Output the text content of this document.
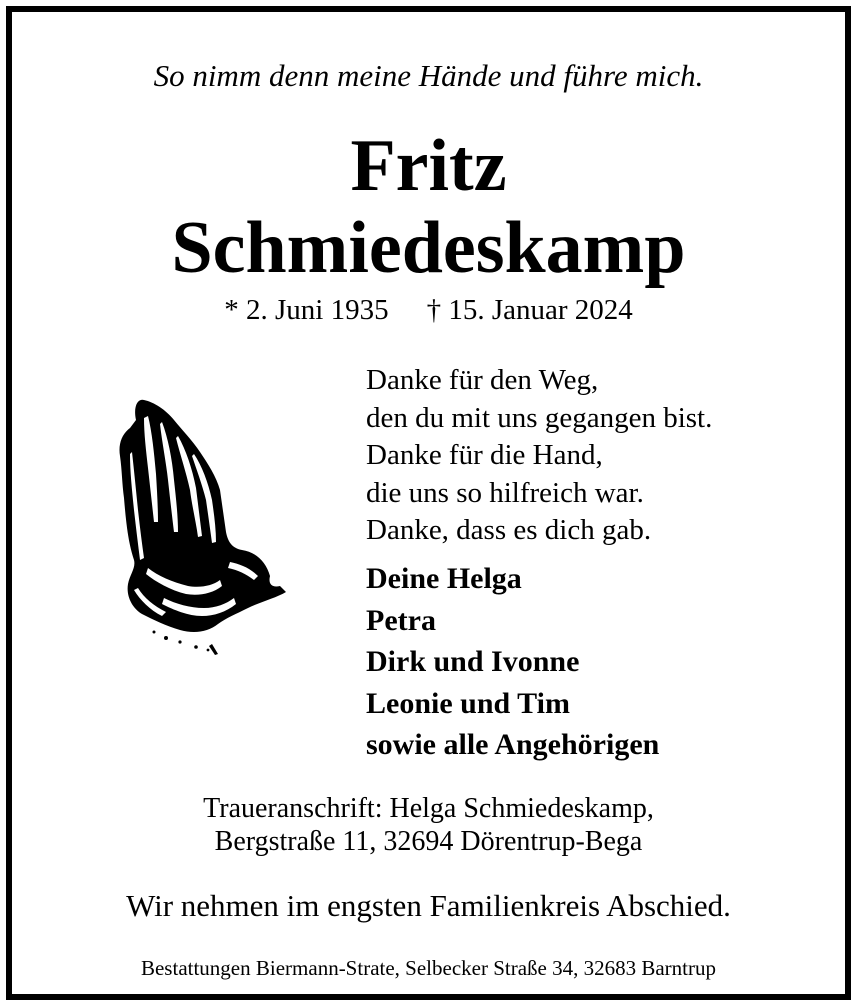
So nimm denn meine Hände und führe mich.
Fritz
Schmiedeskamp
* 2. Juni 1935 † 15. Januar 2024
Danke für den Weg,
den du mit uns gegangen bist.
Danke für die Hand,
die uns so hilfreich war.
Danke, dass es dich gab.
Deine Helga
Petra
Dirk und Ivonne
Leonie und Tim
sowie alle Angehörigen
Traueranschrift: Helga Schmiedeskamp,
Bergstraße 11, 32694 Dörentrup-Bega
Wir nehmen im engsten Familienkreis Abschied.
Bestattungen Biermann-Strate, Selbecker Straße 34, 32683 Barntrup
